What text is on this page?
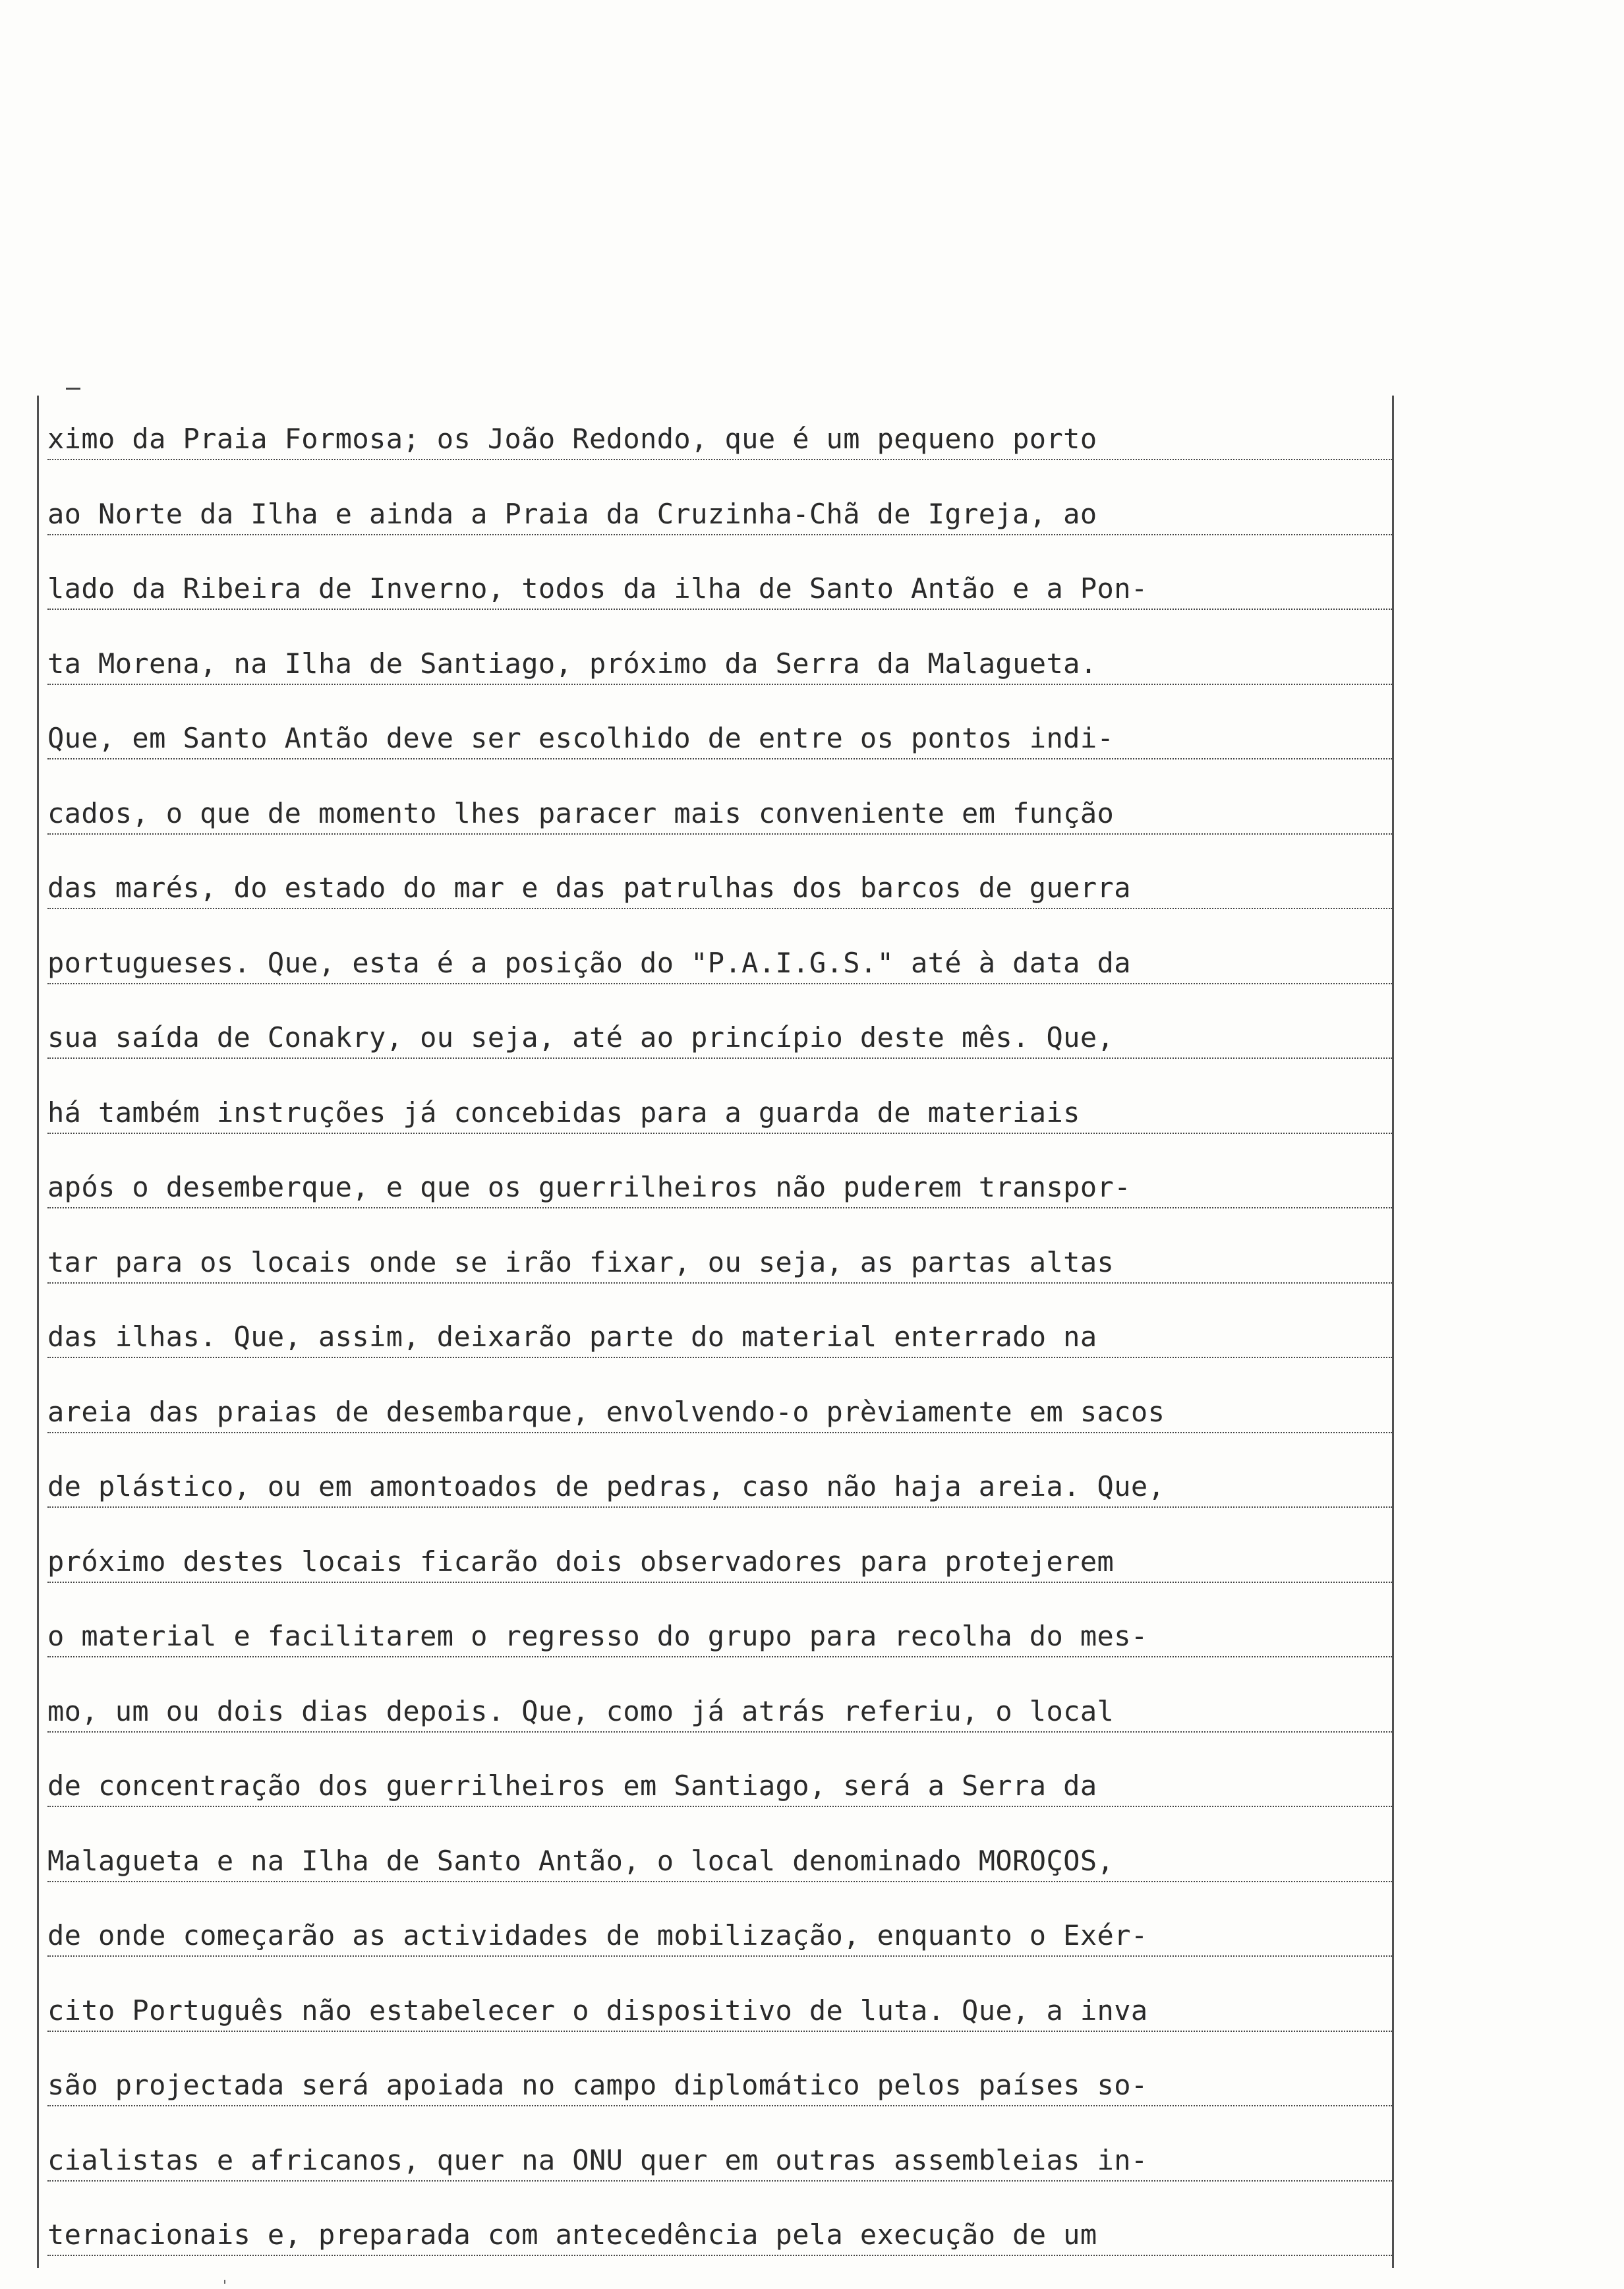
ximo da Praia Formosa; os João Redondo, que é um pequeno porto
ao Norte da Ilha e ainda a Praia da Cruzinha-Chã de Igreja, ao
lado da Ribeira de Inverno, todos da ilha de Santo Antão e a Pon-
ta Morena, na Ilha de Santiago, próximo da Serra da Malagueta.
Que, em Santo Antão deve ser escolhido de entre os pontos indi-
cados, o que de momento lhes paracer mais conveniente em função
das marés, do estado do mar e das patrulhas dos barcos de guerra
portugueses. Que, esta é a posição do "P.A.I.G.S." até à data da
sua saída de Conakry, ou seja, até ao princípio deste mês. Que,
há também instruções já concebidas para a guarda de materiais
após o desemberque, e que os guerrilheiros não puderem transpor-
tar para os locais onde se irão fixar, ou seja, as partas altas
das ilhas. Que, assim, deixarão parte do material enterrado na
areia das praias de desembarque, envolvendo-o prèviamente em sacos
de plástico, ou em amontoados de pedras, caso não haja areia. Que,
próximo destes locais ficarão dois observadores para protejerem
o material e facilitarem o regresso do grupo para recolha do mes-
mo, um ou dois dias depois. Que, como já atrás referiu, o local
de concentração dos guerrilheiros em Santiago, será a Serra da
Malagueta e na Ilha de Santo Antão, o local denominado MOROÇOS,
de onde começarão as actividades de mobilização, enquanto o Exér-
cito Português não estabelecer o dispositivo de luta. Que, a inva
são projectada será apoiada no campo diplomático pelos países so-
cialistas e africanos, quer na ONU quer em outras assembleias in-
ternacionais e, preparada com antecedência pela execução de um
